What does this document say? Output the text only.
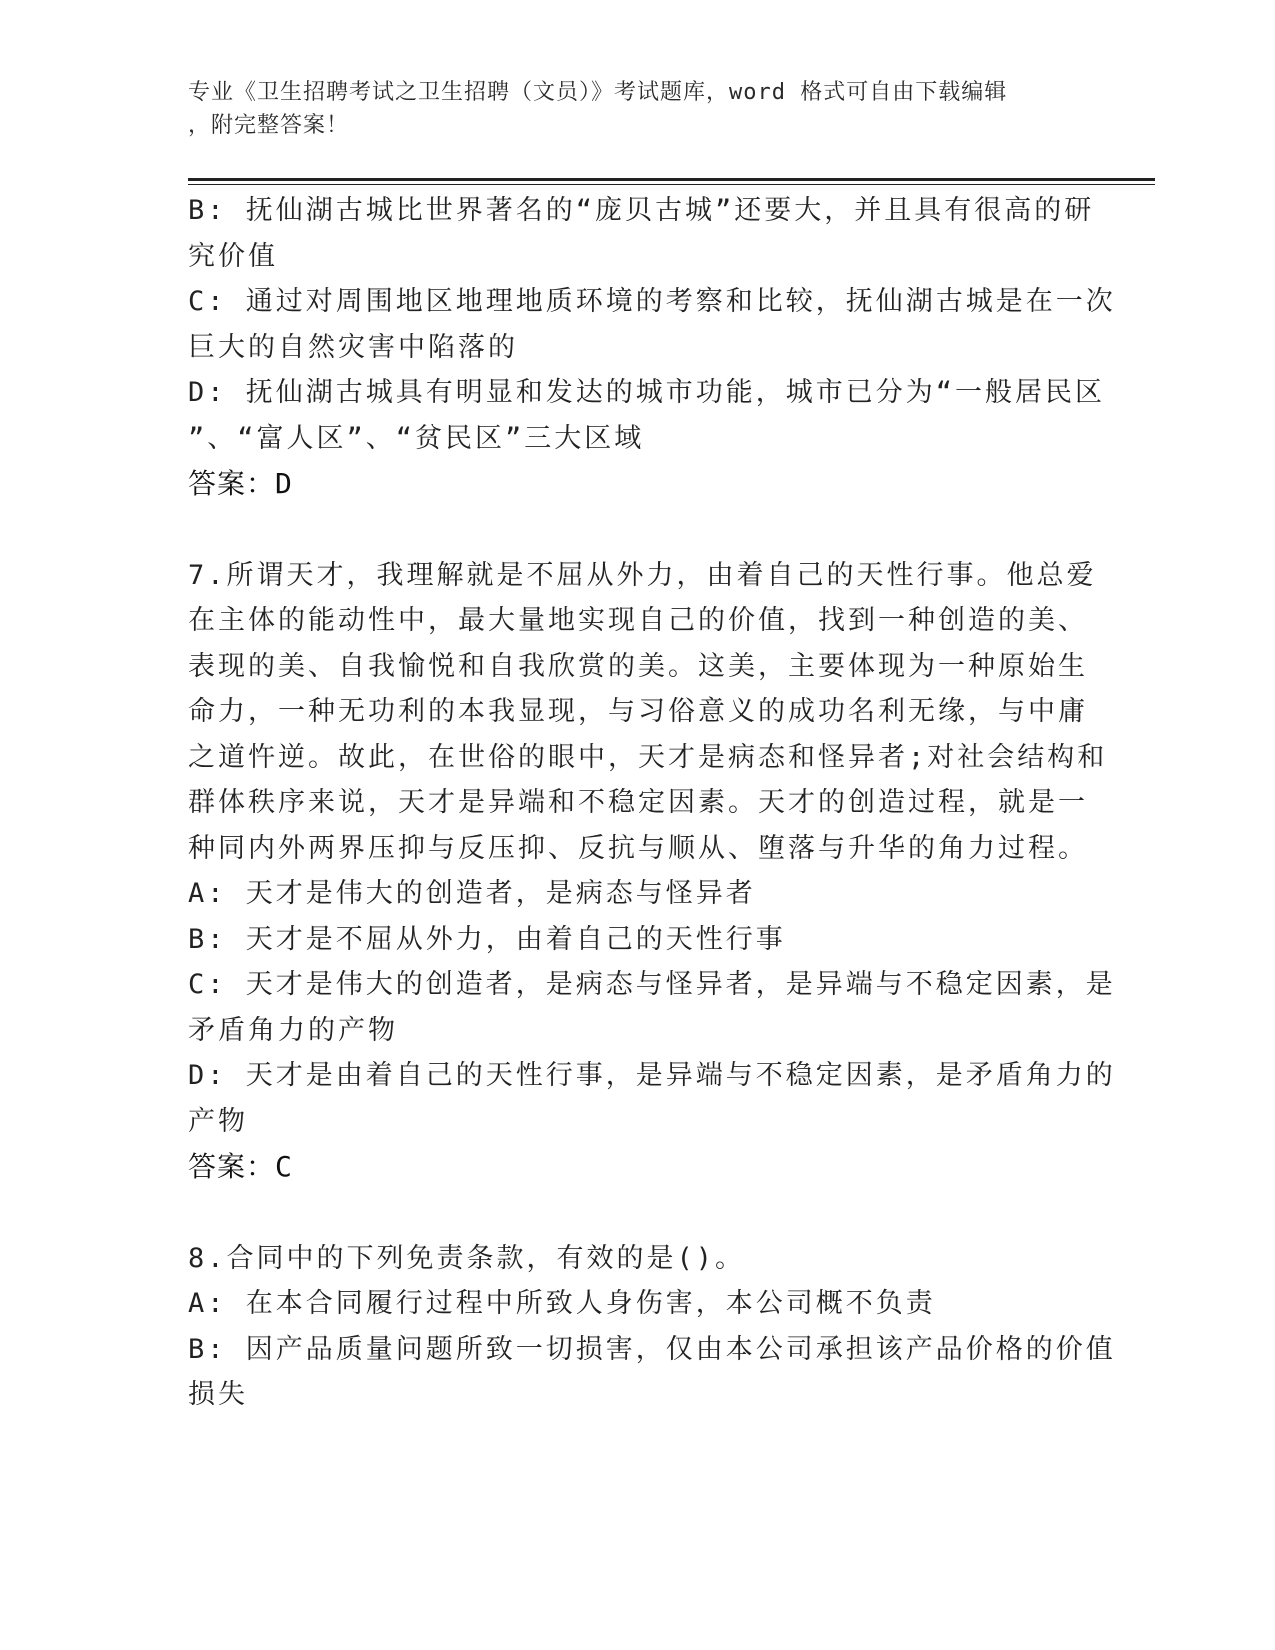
专业《卫生招聘考试之卫生招聘（文员）》考试题库，word 格式可自由下载编辑
，附完整答案！
B: 抚仙湖古城比世界著名的“庞贝古城”还要大，并且具有很高的研
究价值
C: 通过对周围地区地理地质环境的考察和比较，抚仙湖古城是在一次
巨大的自然灾害中陷落的
D: 抚仙湖古城具有明显和发达的城市功能，城市已分为“一般居民区
”、“富人区”、“贫民区”三大区域
答案：D
7.所谓天才，我理解就是不屈从外力，由着自己的天性行事。他总爱
在主体的能动性中，最大量地实现自己的价值，找到一种创造的美、
表现的美、自我愉悦和自我欣赏的美。这美，主要体现为一种原始生
命力，一种无功利的本我显现，与习俗意义的成功名利无缘，与中庸
之道忤逆。故此，在世俗的眼中，天才是病态和怪异者;对社会结构和
群体秩序来说，天才是异端和不稳定因素。天才的创造过程，就是一
种同内外两界压抑与反压抑、反抗与顺从、堕落与升华的角力过程。
A: 天才是伟大的创造者，是病态与怪异者
B: 天才是不屈从外力，由着自己的天性行事
C: 天才是伟大的创造者，是病态与怪异者，是异端与不稳定因素，是
矛盾角力的产物
D: 天才是由着自己的天性行事，是异端与不稳定因素，是矛盾角力的
产物
答案：C
8.合同中的下列免责条款，有效的是()。
A: 在本合同履行过程中所致人身伤害，本公司概不负责
B: 因产品质量问题所致一切损害，仅由本公司承担该产品价格的价值
损失
